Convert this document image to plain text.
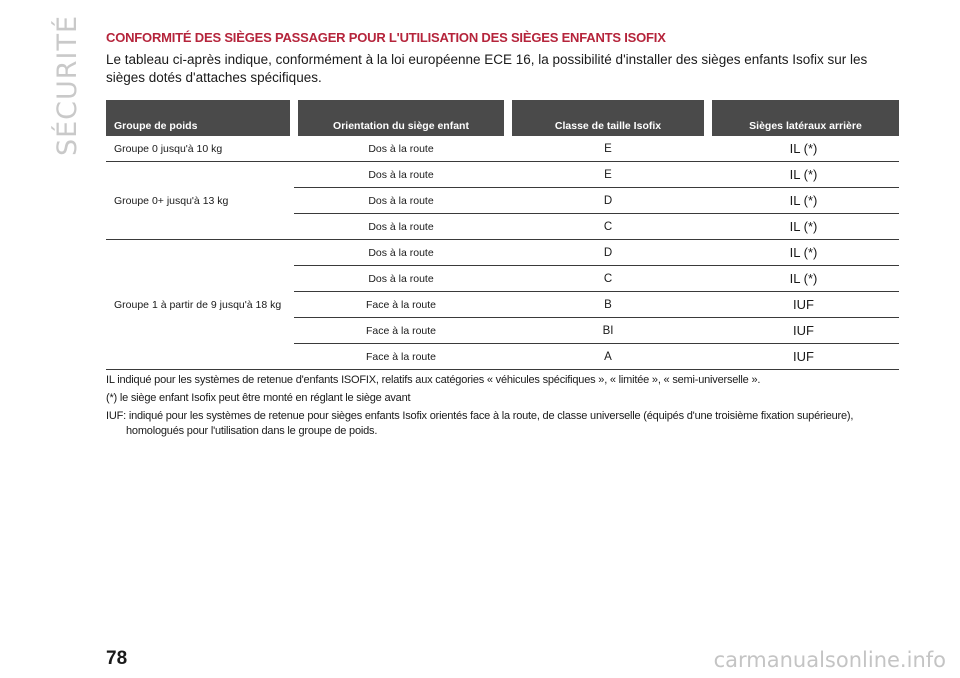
SÉCURITÉ CONFORMITÉ DES SIÈGES PASSAGER POUR L'UTILISATION DES SIÈGES ENFANTS ISOFIX

Le tableau ci-après indique, conformément à la loi européenne ECE 16, la possibilité d'installer des sièges enfants Isofix sur les sièges dotés d'attaches spécifiques.

Groupe de poids	Orientation du siège enfant	Classe de taille Isofix	Sièges latéraux arrière
Groupe 0 jusqu'à 10 kg	Dos à la route	E	IL (*)
Groupe 0+ jusqu'à 13 kg	Dos à la route	E	IL (*)
	Dos à la route	D	IL (*)
	Dos à la route	C	IL (*)
Groupe 1 à partir de 9 jusqu'à 18 kg	Dos à la route	D	IL (*)
	Dos à la route	C	IL (*)
	Face à la route	B	IUF
	Face à la route	BI	IUF
	Face à la route	A	IUF

IL indiqué pour les systèmes de retenue d'enfants ISOFIX, relatifs aux catégories « véhicules spécifiques », « limitée », « semi-universelle ».

(*) le siège enfant Isofix peut être monté en réglant le siège avant

IUF: indiqué pour les systèmes de retenue pour sièges enfants Isofix orientés face à la route, de classe universelle (équipés d'une troisième fixation supérieure), homologués pour l'utilisation dans le groupe de poids.

78	carmanualsonline.info
